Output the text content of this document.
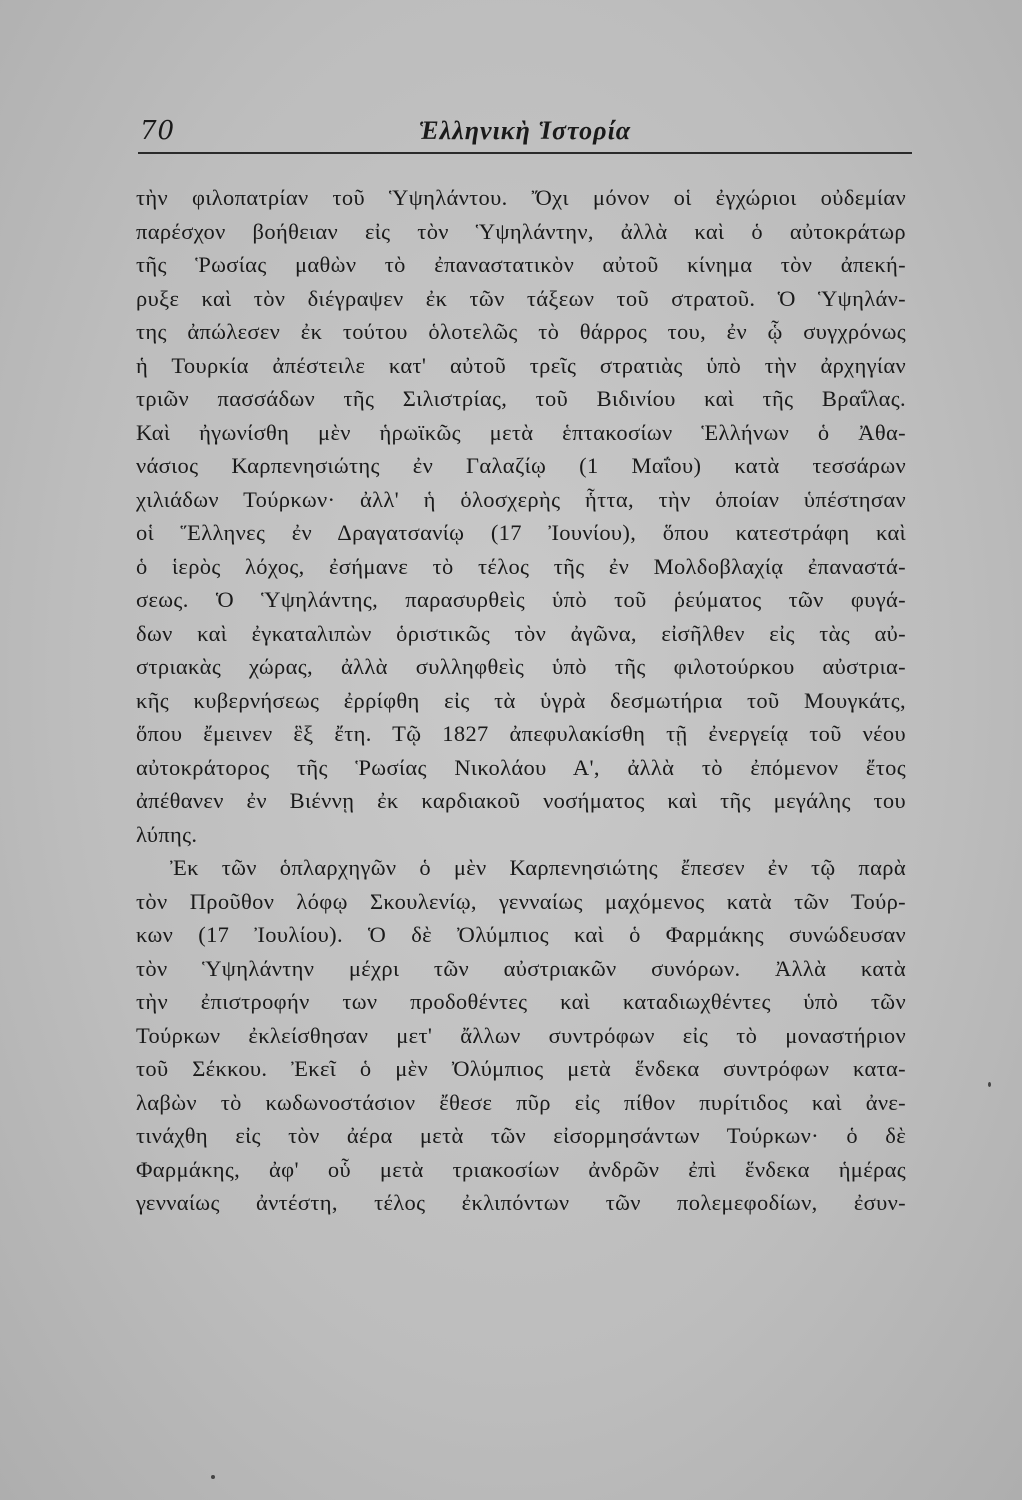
70	Ἑλληνικὴ Ἱστορία
τὴν φιλοπατρίαν τοῦ Ὑψηλάντου. Ὄχι μόνον οἱ ἐγχώριοι οὐδεμίαν
παρέσχον βοήθειαν εἰς τὸν Ὑψηλάντην, ἀλλὰ καὶ ὁ αὐτοκράτωρ
τῆς Ῥωσίας μαθὼν τὸ ἐπαναστατικὸν αὐτοῦ κίνημα τὸν ἀπεκή-
ρυξε καὶ τὸν διέγραψεν ἐκ τῶν τάξεων τοῦ στρατοῦ. Ὁ Ὑψηλάν-
της ἀπώλεσεν ἐκ τούτου ὁλοτελῶς τὸ θάρρος του, ἐν ᾧ συγχρόνως
ἡ Τουρκία ἀπέστειλε κατ' αὐτοῦ τρεῖς στρατιὰς ὑπὸ τὴν ἀρχηγίαν
τριῶν πασσάδων τῆς Σιλιστρίας, τοῦ Βιδινίου καὶ τῆς Βραΐλας.
Καὶ ἠγωνίσθη μὲν ἡρωϊκῶς μετὰ ἑπτακοσίων Ἑλλήνων ὁ Ἀθα-
νάσιος Καρπενησιώτης ἐν Γαλαζίῳ (1 Μαΐου) κατὰ τεσσάρων
χιλιάδων Τούρκων· ἀλλ' ἡ ὁλοσχερὴς ἧττα, τὴν ὁποίαν ὑπέστησαν
οἱ Ἕλληνες ἐν Δραγατσανίῳ (17 Ἰουνίου), ὅπου κατεστράφη καὶ
ὁ ἱερὸς λόχος, ἐσήμανε τὸ τέλος τῆς ἐν Μολδοβλαχίᾳ ἐπαναστά-
σεως. Ὁ Ὑψηλάντης, παρασυρθεὶς ὑπὸ τοῦ ῥεύματος τῶν φυγά-
δων καὶ ἐγκαταλιπὼν ὁριστικῶς τὸν ἀγῶνα, εἰσῆλθεν εἰς τὰς αὐ-
στριακὰς χώρας, ἀλλὰ συλληφθεὶς ὑπὸ τῆς φιλοτούρκου αὐστρια-
κῆς κυβερνήσεως ἐρρίφθη εἰς τὰ ὑγρὰ δεσμωτήρια τοῦ Μουγκάτς,
ὅπου ἔμεινεν ἓξ ἔτη. Τῷ 1827 ἀπεφυλακίσθη τῇ ἐνεργείᾳ τοῦ νέου
αὐτοκράτορος τῆς Ῥωσίας Νικολάου Α', ἀλλὰ τὸ ἐπόμενον ἔτος
ἀπέθανεν ἐν Βιέννῃ ἐκ καρδιακοῦ νοσήματος καὶ τῆς μεγάλης του
λύπης.
Ἐκ τῶν ὁπλαρχηγῶν ὁ μὲν Καρπενησιώτης ἔπεσεν ἐν τῷ παρὰ
τὸν Προῦθον λόφῳ Σκουλενίῳ, γενναίως μαχόμενος κατὰ τῶν Τούρ-
κων (17 Ἰουλίου). Ὁ δὲ Ὀλύμπιος καὶ ὁ Φαρμάκης συνώδευσαν
τὸν Ὑψηλάντην μέχρι τῶν αὐστριακῶν συνόρων. Ἀλλὰ κατὰ
τὴν ἐπιστροφήν των προδοθέντες καὶ καταδιωχθέντες ὑπὸ τῶν
Τούρκων ἐκλείσθησαν μετ' ἄλλων συντρόφων εἰς τὸ μοναστήριον
τοῦ Σέκκου. Ἐκεῖ ὁ μὲν Ὀλύμπιος μετὰ ἕνδεκα συντρόφων κατα-
λαβὼν τὸ κωδωνοστάσιον ἔθεσε πῦρ εἰς πίθον πυρίτιδος καὶ ἀνε-
τινάχθη εἰς τὸν ἀέρα μετὰ τῶν εἰσορμησάντων Τούρκων· ὁ δὲ
Φαρμάκης, ἀφ' οὗ μετὰ τριακοσίων ἀνδρῶν ἐπὶ ἕνδεκα ἡμέρας
γενναίως ἀντέστη, τέλος ἐκλιπόντων τῶν πολεμεφοδίων, ἐσυν-
